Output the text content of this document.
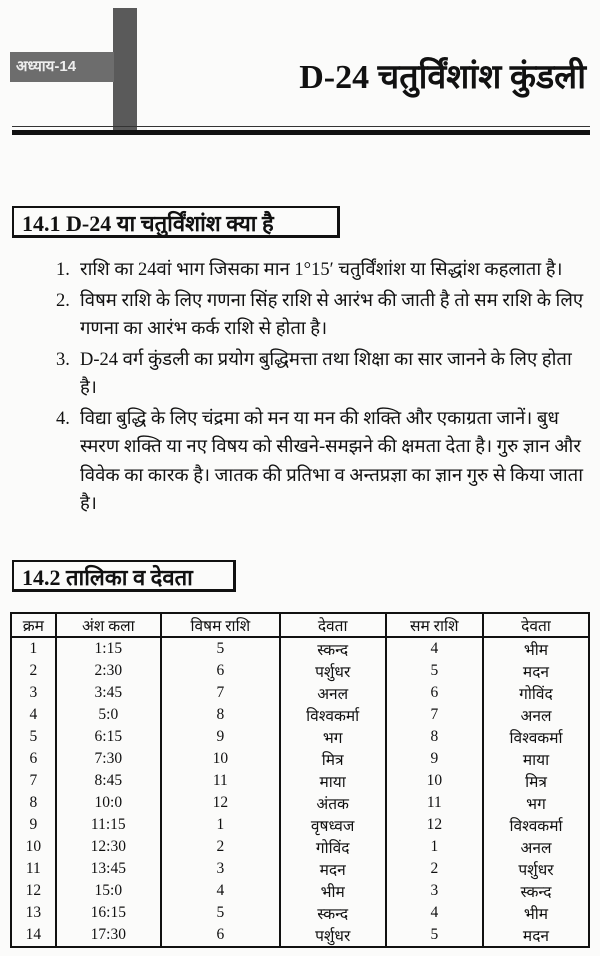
अध्याय-14	D-24 चतुर्विंशांश कुंडली
14.1 D-24 या चतुर्विंशांश क्या है
1. राशि का 24वां भाग जिसका मान 1°15′ चतुर्विंशांश या सिद्धांश कहलाता है।
2. विषम राशि के लिए गणना सिंह राशि से आरंभ की जाती है तो सम राशि के लिए गणना का आरंभ कर्क राशि से होता है।
3. D-24 वर्ग कुंडली का प्रयोग बुद्धिमत्ता तथा शिक्षा का सार जानने के लिए होता है।
4. विद्या बुद्धि के लिए चंद्रमा को मन या मन की शक्ति और एकाग्रता जानें। बुध स्मरण शक्ति या नए विषय को सीखने-समझने की क्षमता देता है। गुरु ज्ञान और विवेक का कारक है। जातक की प्रतिभा व अन्तप्रज्ञा का ज्ञान गुरु से किया जाता है।
14.2 तालिका व देवता
क्रम	अंश कला	विषम राशि	देवता	सम राशि	देवता
1	1:15	5	स्कन्द	4	भीम
2	2:30	6	पर्शुधर	5	मदन
3	3:45	7	अनल	6	गोविंद
4	5:0	8	विश्वकर्मा	7	अनल
5	6:15	9	भग	8	विश्वकर्मा
6	7:30	10	मित्र	9	माया
7	8:45	11	माया	10	मित्र
8	10:0	12	अंतक	11	भग
9	11:15	1	वृषध्वज	12	विश्वकर्मा
10	12:30	2	गोविंद	1	अनल
11	13:45	3	मदन	2	पर्शुधर
12	15:0	4	भीम	3	स्कन्द
13	16:15	5	स्कन्द	4	भीम
14	17:30	6	पर्शुधर	5	मदन
